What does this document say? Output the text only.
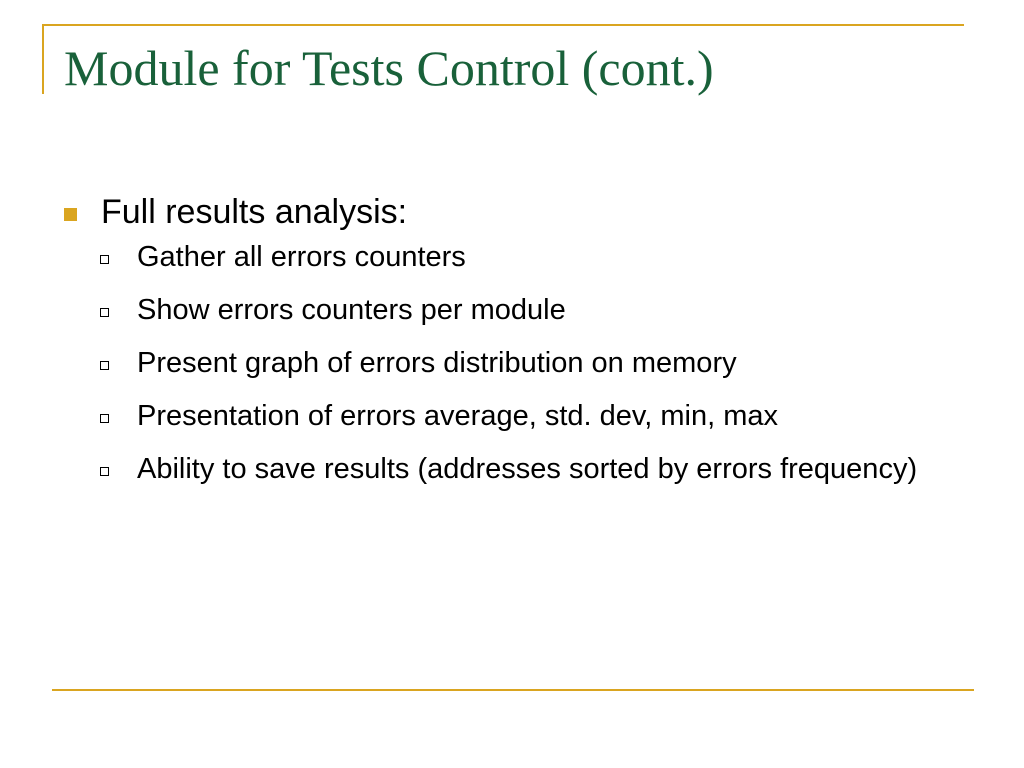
Module for Tests Control (cont.)
Full results analysis:
Gather all errors counters
Show errors counters per module
Present graph of errors distribution on memory
Presentation of errors average, std. dev, min, max
Ability to save results (addresses sorted by errors frequency)
